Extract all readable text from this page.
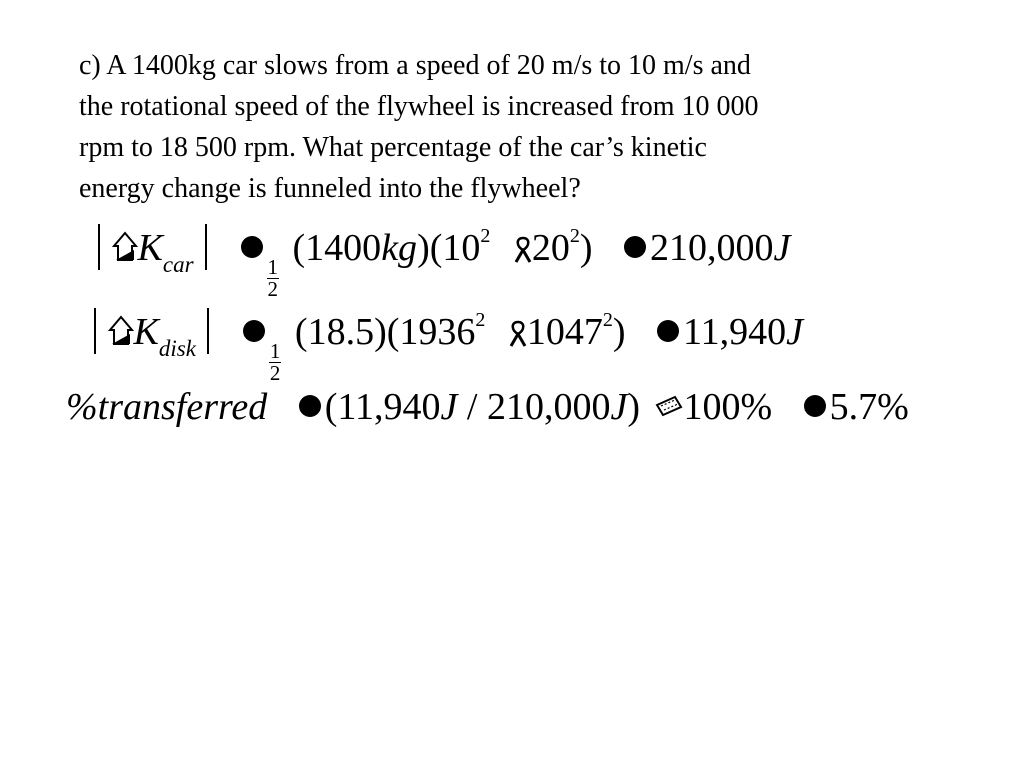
c) A 1400kg car slows from a speed of 20 m/s to 10 m/s and
the rotational speed of the flywheel is increased from 10 000
rpm to 18 500 rpm. What percentage of the car’s kinetic
energy change is funneled into the flywheel?
$K_{car}$	$\frac{1}{2}$
$(1400kg)(10^2$ $20^2$) 210,000J
$K_{disk}$	$\frac{1}{2}$
(18.5)(1936$^2$ 1047$^2$) 11,940J
%transferred (11,940J / 210,000J) 100% 5.7%
